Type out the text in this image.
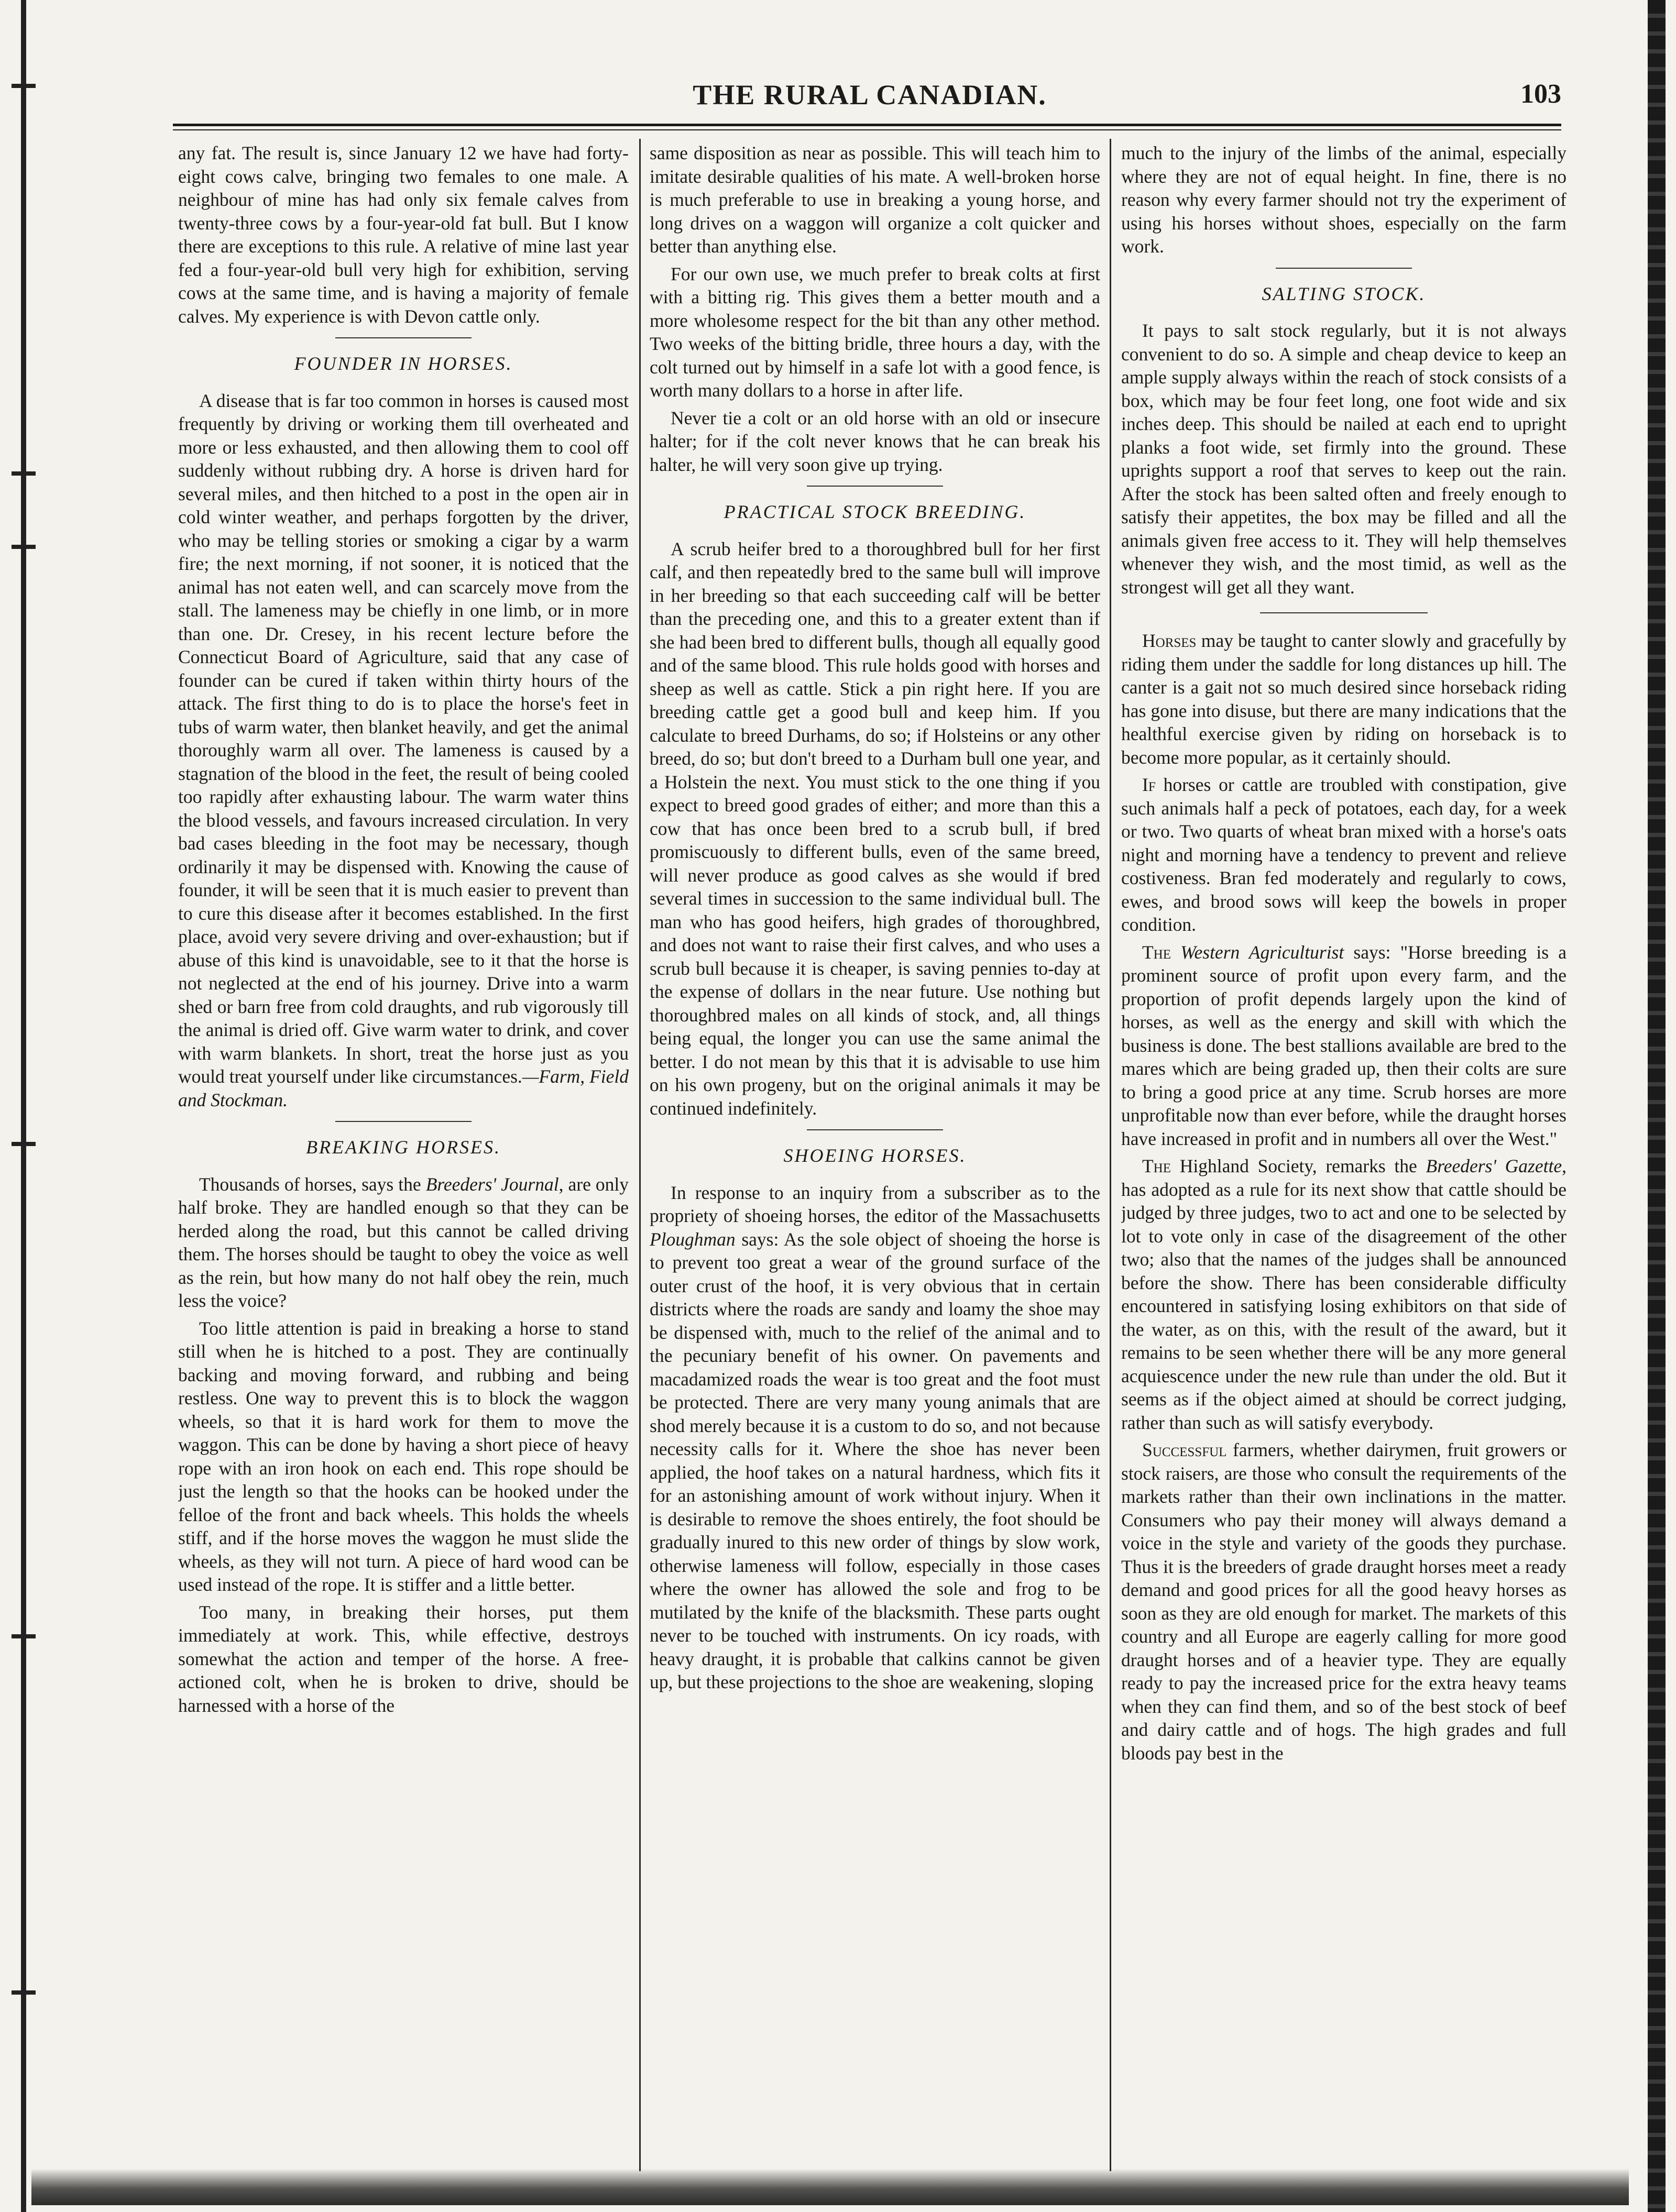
THE RURAL CANADIAN.	103

any fat. The result is, since January 12 we have had forty-eight cows calve, bringing two females to one male. A neighbour of mine has had only six female calves from twenty-three cows by a four-year-old fat bull. But I know there are exceptions to this rule. A relative of mine last year fed a four-year-old bull very high for exhibition, serving cows at the same time, and is having a majority of female calves. My experience is with Devon cattle only.

FOUNDER IN HORSES.

A disease that is far too common in horses is caused most frequently by driving or working them till overheated and more or less exhausted, and then allowing them to cool off suddenly without rubbing dry. A horse is driven hard for several miles, and then hitched to a post in the open air in cold winter weather, and perhaps forgotten by the driver, who may be telling stories or smoking a cigar by a warm fire; the next morning, if not sooner, it is noticed that the animal has not eaten well, and can scarcely move from the stall. The lameness may be chiefly in one limb, or in more than one. Dr. Cresey, in his recent lecture before the Connecticut Board of Agriculture, said that any case of founder can be cured if taken within thirty hours of the attack. The first thing to do is to place the horse's feet in tubs of warm water, then blanket heavily, and get the animal thoroughly warm all over. The lameness is caused by a stagnation of the blood in the feet, the result of being cooled too rapidly after exhausting labour. The warm water thins the blood vessels, and favours increased circulation. In very bad cases bleeding in the foot may be necessary, though ordinarily it may be dispensed with. Knowing the cause of founder, it will be seen that it is much easier to prevent than to cure this disease after it becomes established. In the first place, avoid very severe driving and over-exhaustion; but if abuse of this kind is unavoidable, see to it that the horse is not neglected at the end of his journey. Drive into a warm shed or barn free from cold draughts, and rub vigorously till the animal is dried off. Give warm water to drink, and cover with warm blankets. In short, treat the horse just as you would treat yourself under like circumstances.—Farm, Field and Stockman.

BREAKING HORSES.

Thousands of horses, says the Breeders' Journal, are only half broke. They are handled enough so that they can be herded along the road, but this cannot be called driving them. The horses should be taught to obey the voice as well as the rein, but how many do not half obey the rein, much less the voice?

Too little attention is paid in breaking a horse to stand still when he is hitched to a post. They are continually backing and moving forward, and rubbing and being restless. One way to prevent this is to block the waggon wheels, so that it is hard work for them to move the waggon. This can be done by having a short piece of heavy rope with an iron hook on each end. This rope should be just the length so that the hooks can be hooked under the felloe of the front and back wheels. This holds the wheels stiff, and if the horse moves the waggon he must slide the wheels, as they will not turn. A piece of hard wood can be used instead of the rope. It is stiffer and a little better.

Too many, in breaking their horses, put them immediately at work. This, while effective, destroys somewhat the action and temper of the horse. A free-actioned colt, when he is broken to drive, should be harnessed with a horse of the

same disposition as near as possible. This will teach him to imitate desirable qualities of his mate. A well-broken horse is much preferable to use in breaking a young horse, and long drives on a waggon will organize a colt quicker and better than anything else.

For our own use, we much prefer to break colts at first with a bitting rig. This gives them a better mouth and a more wholesome respect for the bit than any other method. Two weeks of the bitting bridle, three hours a day, with the colt turned out by himself in a safe lot with a good fence, is worth many dollars to a horse in after life.

Never tie a colt or an old horse with an old or insecure halter; for if the colt never knows that he can break his halter, he will very soon give up trying.

PRACTICAL STOCK BREEDING.

A scrub heifer bred to a thoroughbred bull for her first calf, and then repeatedly bred to the same bull will improve in her breeding so that each succeeding calf will be better than the preceding one, and this to a greater extent than if she had been bred to different bulls, though all equally good and of the same blood. This rule holds good with horses and sheep as well as cattle. Stick a pin right here. If you are breeding cattle get a good bull and keep him. If you calculate to breed Durhams, do so; if Holsteins or any other breed, do so; but don't breed to a Durham bull one year, and a Holstein the next. You must stick to the one thing if you expect to breed good grades of either; and more than this a cow that has once been bred to a scrub bull, if bred promiscuously to different bulls, even of the same breed, will never produce as good calves as she would if bred several times in succession to the same individual bull. The man who has good heifers, high grades of thoroughbred, and does not want to raise their first calves, and who uses a scrub bull because it is cheaper, is saving pennies to-day at the expense of dollars in the near future. Use nothing but thoroughbred males on all kinds of stock, and, all things being equal, the longer you can use the same animal the better. I do not mean by this that it is advisable to use him on his own progeny, but on the original animals it may be continued indefinitely.

SHOEING HORSES.

In response to an inquiry from a subscriber as to the propriety of shoeing horses, the editor of the Massachusetts Ploughman says: As the sole object of shoeing the horse is to prevent too great a wear of the ground surface of the outer crust of the hoof, it is very obvious that in certain districts where the roads are sandy and loamy the shoe may be dispensed with, much to the relief of the animal and to the pecuniary benefit of his owner. On pavements and macadamized roads the wear is too great and the foot must be protected. There are very many young animals that are shod merely because it is a custom to do so, and not because necessity calls for it. Where the shoe has never been applied, the hoof takes on a natural hardness, which fits it for an astonishing amount of work without injury. When it is desirable to remove the shoes entirely, the foot should be gradually inured to this new order of things by slow work, otherwise lameness will follow, especially in those cases where the owner has allowed the sole and frog to be mutilated by the knife of the blacksmith. These parts ought never to be touched with instruments. On icy roads, with heavy draught, it is probable that calkins cannot be given up, but these projections to the shoe are weakening, sloping

much to the injury of the limbs of the animal, especially where they are not of equal height. In fine, there is no reason why every farmer should not try the experiment of using his horses without shoes, especially on the farm work.

SALTING STOCK.

It pays to salt stock regularly, but it is not always convenient to do so. A simple and cheap device to keep an ample supply always within the reach of stock consists of a box, which may be four feet long, one foot wide and six inches deep. This should be nailed at each end to upright planks a foot wide, set firmly into the ground. These uprights support a roof that serves to keep out the rain. After the stock has been salted often and freely enough to satisfy their appetites, the box may be filled and all the animals given free access to it. They will help themselves whenever they wish, and the most timid, as well as the strongest will get all they want.

Horses may be taught to canter slowly and gracefully by riding them under the saddle for long distances up hill. The canter is a gait not so much desired since horseback riding has gone into disuse, but there are many indications that the healthful exercise given by riding on horseback is to become more popular, as it certainly should.

If horses or cattle are troubled with constipation, give such animals half a peck of potatoes, each day, for a week or two. Two quarts of wheat bran mixed with a horse's oats night and morning have a tendency to prevent and relieve costiveness. Bran fed moderately and regularly to cows, ewes, and brood sows will keep the bowels in proper condition.

The Western Agriculturist says: "Horse breeding is a prominent source of profit upon every farm, and the proportion of profit depends largely upon the kind of horses, as well as the energy and skill with which the business is done. The best stallions available are bred to the mares which are being graded up, then their colts are sure to bring a good price at any time. Scrub horses are more unprofitable now than ever before, while the draught horses have increased in profit and in numbers all over the West."

The Highland Society, remarks the Breeders' Gazette, has adopted as a rule for its next show that cattle should be judged by three judges, two to act and one to be selected by lot to vote only in case of the disagreement of the other two; also that the names of the judges shall be announced before the show. There has been considerable difficulty encountered in satisfying losing exhibitors on that side of the water, as on this, with the result of the award, but it remains to be seen whether there will be any more general acquiescence under the new rule than under the old. But it seems as if the object aimed at should be correct judging, rather than such as will satisfy everybody.

Successful farmers, whether dairymen, fruit growers or stock raisers, are those who consult the requirements of the markets rather than their own inclinations in the matter. Consumers who pay their money will always demand a voice in the style and variety of the goods they purchase. Thus it is the breeders of grade draught horses meet a ready demand and good prices for all the good heavy horses as soon as they are old enough for market. The markets of this country and all Europe are eagerly calling for more good draught horses and of a heavier type. They are equally ready to pay the increased price for the extra heavy teams when they can find them, and so of the best stock of beef and dairy cattle and of hogs. The high grades and full bloods pay best in the
